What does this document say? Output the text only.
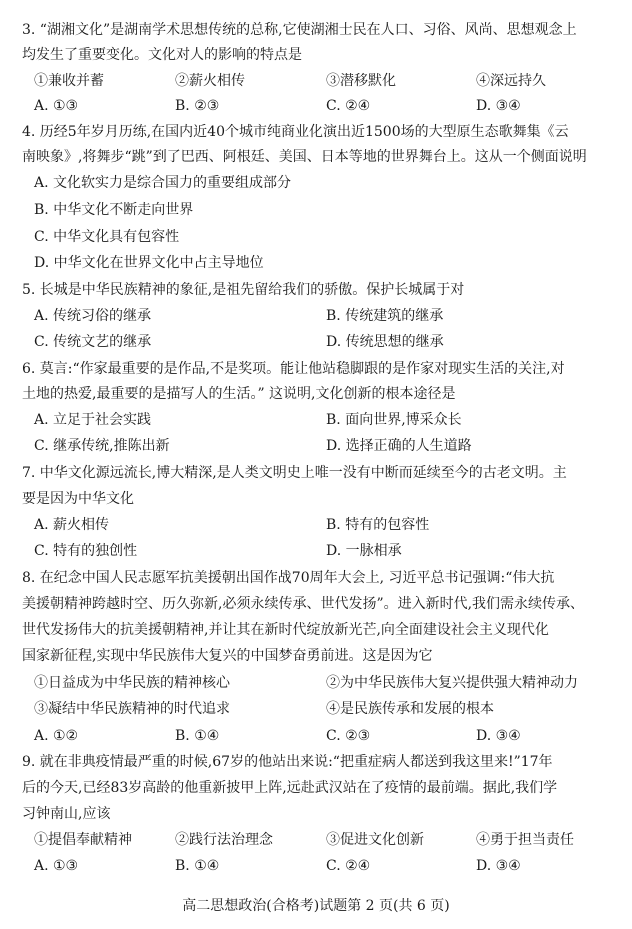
3. “湖湘文化”是湖南学术思想传统的总称,它使湖湘士民在人口、习俗、风尚、思想观念上
均发生了重要变化。文化对人的影响的特点是
①兼收并蓄	②薪火相传	③潜移默化	④深远持久
A. ①③	B. ②③	C. ②④	D. ③④
4. 历经5年岁月历练,在国内近40个城市纯商业化演出近1500场的大型原生态歌舞集《云
南映象》,将舞步“跳”到了巴西、阿根廷、美国、日本等地的世界舞台上。这从一个侧面说明
A. 文化软实力是综合国力的重要组成部分
B. 中华文化不断走向世界
C. 中华文化具有包容性
D. 中华文化在世界文化中占主导地位
5. 长城是中华民族精神的象征,是祖先留给我们的骄傲。保护长城属于对
A. 传统习俗的继承	B. 传统建筑的继承
C. 传统文艺的继承	D. 传统思想的继承
6. 莫言:“作家最重要的是作品,不是奖项。能让他站稳脚跟的是作家对现实生活的关注,对
土地的热爱,最重要的是描写人的生活。” 这说明,文化创新的根本途径是
A. 立足于社会实践	B. 面向世界,博采众长
C. 继承传统,推陈出新	D. 选择正确的人生道路
7. 中华文化源远流长,博大精深,是人类文明史上唯一没有中断而延续至今的古老文明。主
要是因为中华文化
A. 薪火相传	B. 特有的包容性
C. 特有的独创性	D. 一脉相承
8. 在纪念中国人民志愿军抗美援朝出国作战70周年大会上, 习近平总书记强调:“伟大抗
美援朝精神跨越时空、历久弥新,必须永续传承、世代发扬”。进入新时代,我们需永续传承、
世代发扬伟大的抗美援朝精神,并让其在新时代绽放新光芒,向全面建设社会主义现代化
国家新征程,实现中华民族伟大复兴的中国梦奋勇前进。这是因为它
①日益成为中华民族的精神核心	②为中华民族伟大复兴提供强大精神动力
③凝结中华民族精神的时代追求	④是民族传承和发展的根本
A. ①②	B. ①④	C. ②③	D. ③④
9. 就在非典疫情最严重的时候,67岁的他站出来说:“把重症病人都送到我这里来!”17年
后的今天,已经83岁高龄的他重新披甲上阵,远赴武汉站在了疫情的最前端。据此,我们学
习钟南山,应该
①提倡奉献精神	②践行法治理念	③促进文化创新	④勇于担当责任
A. ①③	B. ①④	C. ②④	D. ③④
高二思想政治(合格考)试题第 2 页(共 6 页)
